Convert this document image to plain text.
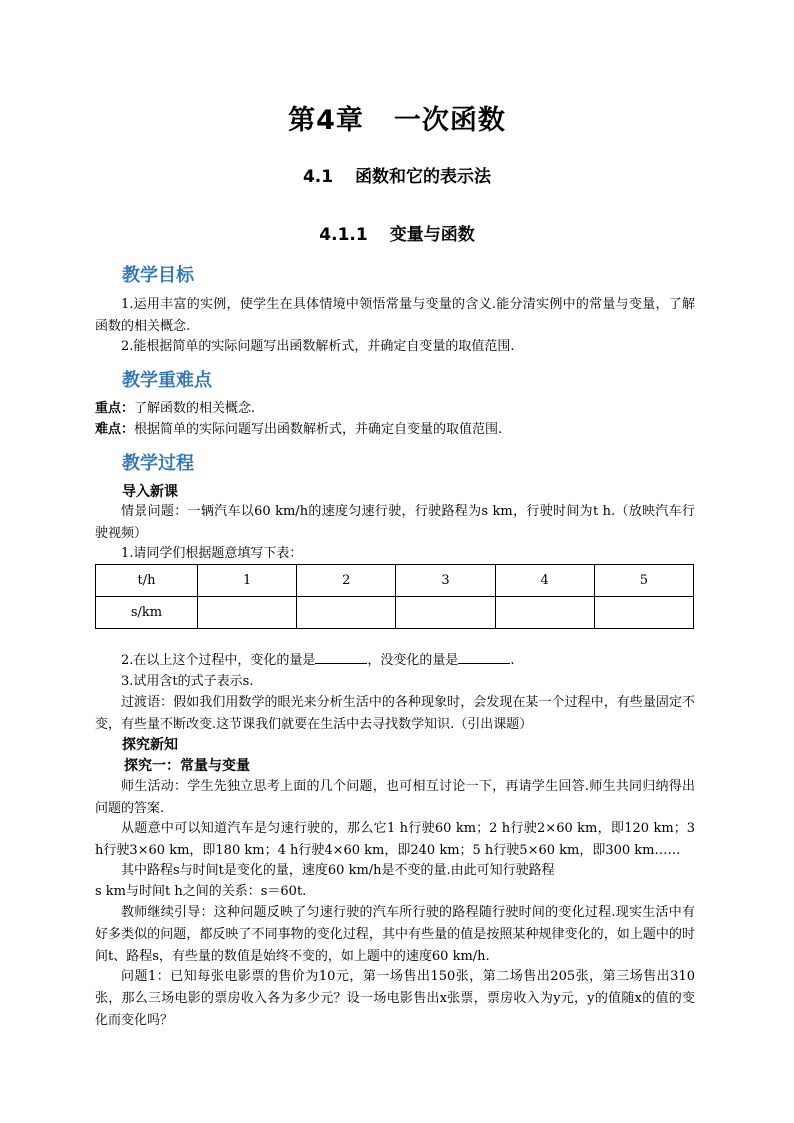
第4章 一次函数
4.1 函数和它的表示法
4.1.1 变量与函数
教学目标
1.运用丰富的实例，使学生在具体情境中领悟常量与变量的含义.能分清实例中的常量与变量，了解函数的相关概念.
2.能根据简单的实际问题写出函数解析式，并确定自变量的取值范围.
教学重难点
重点：了解函数的相关概念.
难点：根据简单的实际问题写出函数解析式，并确定自变量的取值范围.
教学过程
导入新课
情景问题：一辆汽车以60 km/h的速度匀速行驶，行驶路程为s km，行驶时间为t h.（放映汽车行驶视频）
1.请同学们根据题意填写下表：
t/h	1	2	3	4	5
s/km					
2.在以上这个过程中，变化的量是	，没变化的量是	.
3.试用含t的式子表示s.
过渡语：假如我们用数学的眼光来分析生活中的各种现象时，会发现在某一个过程中，有些量固定不变，有些量不断改变.这节课我们就要在生活中去寻找数学知识.（引出课题）
探究新知
探究一：常量与变量
师生活动：学生先独立思考上面的几个问题，也可相互讨论一下，再请学生回答.师生共同归纳得出问题的答案.
从题意中可以知道汽车是匀速行驶的，那么它1 h行驶60 km；2 h行驶2×60 km，即120 km；3 h行驶3×60 km，即180 km；4 h行驶4×60 km，即240 km；5 h行驶5×60 km，即300 km……
其中路程s与时间t是变化的量，速度60 km/h是不变的量.由此可知行驶路程
s km与时间t h之间的关系：s＝60t.
教师继续引导：这种问题反映了匀速行驶的汽车所行驶的路程随行驶时间的变化过程.现实生活中有好多类似的问题，都反映了不同事物的变化过程，其中有些量的值是按照某种规律变化的，如上题中的时间t、路程s，有些量的数值是始终不变的，如上题中的速度60 km/h.
问题1：已知每张电影票的售价为10元，第一场售出150张，第二场售出205张，第三场售出310张，那么三场电影的票房收入各为多少元？设一场电影售出x张票，票房收入为y元，y的值随x的值的变化而变化吗？
